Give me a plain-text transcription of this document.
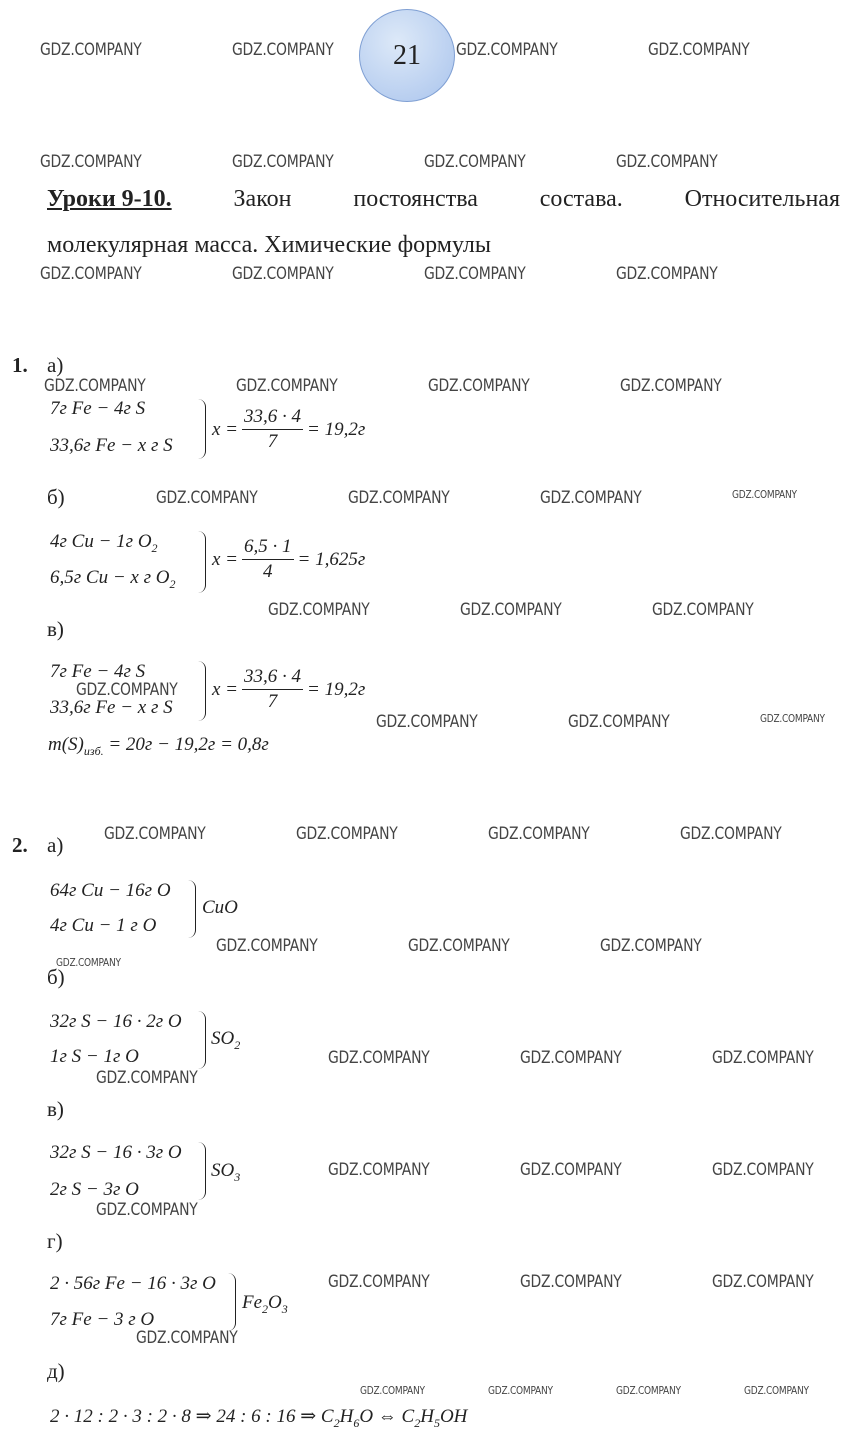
21
GDZ.COMPANY	GDZ.COMPANY	GDZ.COMPANY	GDZ.COMPANY
GDZ.COMPANY	GDZ.COMPANY	GDZ.COMPANY	GDZ.COMPANY
GDZ.COMPANY	GDZ.COMPANY	GDZ.COMPANY	GDZ.COMPANY
GDZ.COMPANY	GDZ.COMPANY	GDZ.COMPANY	GDZ.COMPANY
GDZ.COMPANY	GDZ.COMPANY	GDZ.COMPANY	GDZ.COMPANY
GDZ.COMPANY	GDZ.COMPANY	GDZ.COMPANY
GDZ.COMPANY
GDZ.COMPANY	GDZ.COMPANY	GDZ.COMPANY
GDZ.COMPANY	GDZ.COMPANY	GDZ.COMPANY	GDZ.COMPANY
GDZ.COMPANY	GDZ.COMPANY	GDZ.COMPANY
GDZ.COMPANY
GDZ.COMPANY	GDZ.COMPANY	GDZ.COMPANY
GDZ.COMPANY
GDZ.COMPANY	GDZ.COMPANY	GDZ.COMPANY
GDZ.COMPANY
GDZ.COMPANY	GDZ.COMPANY	GDZ.COMPANY
GDZ.COMPANY
GDZ.COMPANY	GDZ.COMPANY	GDZ.COMPANY	GDZ.COMPANY
Уроки 9-10.	Закон	постоянства	состава.	Относительная
молекулярная масса. Химические формулы
1. а)
7г Fe − 4г S
33,6г Fe − x г S
$x = \frac{33,6 \cdot 4}{7} = 19,2г$
б)
4г Cu − 1г $O_2$
6,5г Cu − x г $O_2$
$x = \frac{6,5 \cdot 1}{4} = 1,625г$
в)
7г Fe − 4г S
33,6г Fe − x г S
$x = \frac{33,6 \cdot 4}{7} = 19,2г$
$m(S)_{изб.} = 20г - 19,2г = 0,8г$
2. а)
64г Cu − 16г O
4г Cu − 1 г O
CuO
б)
32г S − 16 · 2г O
1г S − 1г O
$SO_2$
в)
32г S − 16 · 3г O
2г S − 3г O
$SO_3$
г)
2 · 56г Fe − 16 · 3г O
7г Fe − 3 г O
$Fe_2O_3$
д)
2 · 12 : 2 · 3 : 2 · 8 ⇒ 24 : 6 : 16 ⇒ $C_2H_6O$ ⇔ $C_2H_5OH$
